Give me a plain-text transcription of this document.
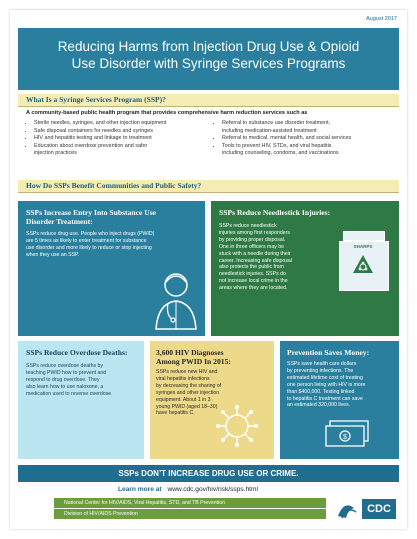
August 2017
Reducing Harms from Injection Drug Use & Opioid
Use Disorder with Syringe Services Programs
What Is a Syringe Services Program (SSP)?
A community-based public health program that provides comprehensive harm reduction services such as
• Sterile needles, syringes, and other injection equipment
• Safe disposal containers for needles and syringes
• HIV and hepatitis testing and linkage to treatment
• Education about overdose prevention and safer
injection practices
• Referral to substance use disorder treatment,
including medication-assisted treatment
• Referral to medical, mental health, and social services
• Tools to prevent HIV, STDs, and viral hepatitis
including counseling, condoms, and vaccinations
How Do SSPs Benefit Communities and Public Safety?
SSPs Increase Entry Into Substance Use
Disorder Treatment:
SSPs reduce drug use. People who inject drugs (PWID)
are 5 times as likely to enter treatment for substance
use disorder and more likely to reduce or stop injecting
when they use an SSP.
SSPs Reduce Needlestick Injuries:
SSPs reduce needlestick
injuries among first responders
by providing proper disposal.
One in three officers may be
stuck with a needle during their
career. Increasing safe disposal
also protects the public from
needlestick injuries. SSPs do
not increase local crime in the
areas where they are located.
SHARPS
SSPs Reduce Overdose Deaths:
SSPs reduce overdose deaths by
teaching PWID how to prevent and
respond to drug overdose. They
also learn how to use naloxone, a
medication used to reverse overdose.
3,600 HIV Diagnoses
Among PWID In 2015:
SSPs reduce new HIV and
viral hepatitis infections
by decreasing the sharing of
syringes and other injection
equipment. About 1 in 3
young PWID (aged 18–30)
have hepatitis C.
Prevention Saves Money:
SSPs save health care dollars
by preventing infections. The
estimated lifetime cost of treating
one person living with HIV is more
than $400,000. Testing linked
to hepatitis C treatment can save
an estimated 320,000 lives.
$
SSPs DON’T INCREASE DRUG USE OR CRIME.
Learn more at www.cdc.gov/hiv/risk/ssps.html
National Center for HIV/AIDS, Viral Hepatitis, STD, and TB Prevention
Division of HIV/AIDS Prevention	CDC
